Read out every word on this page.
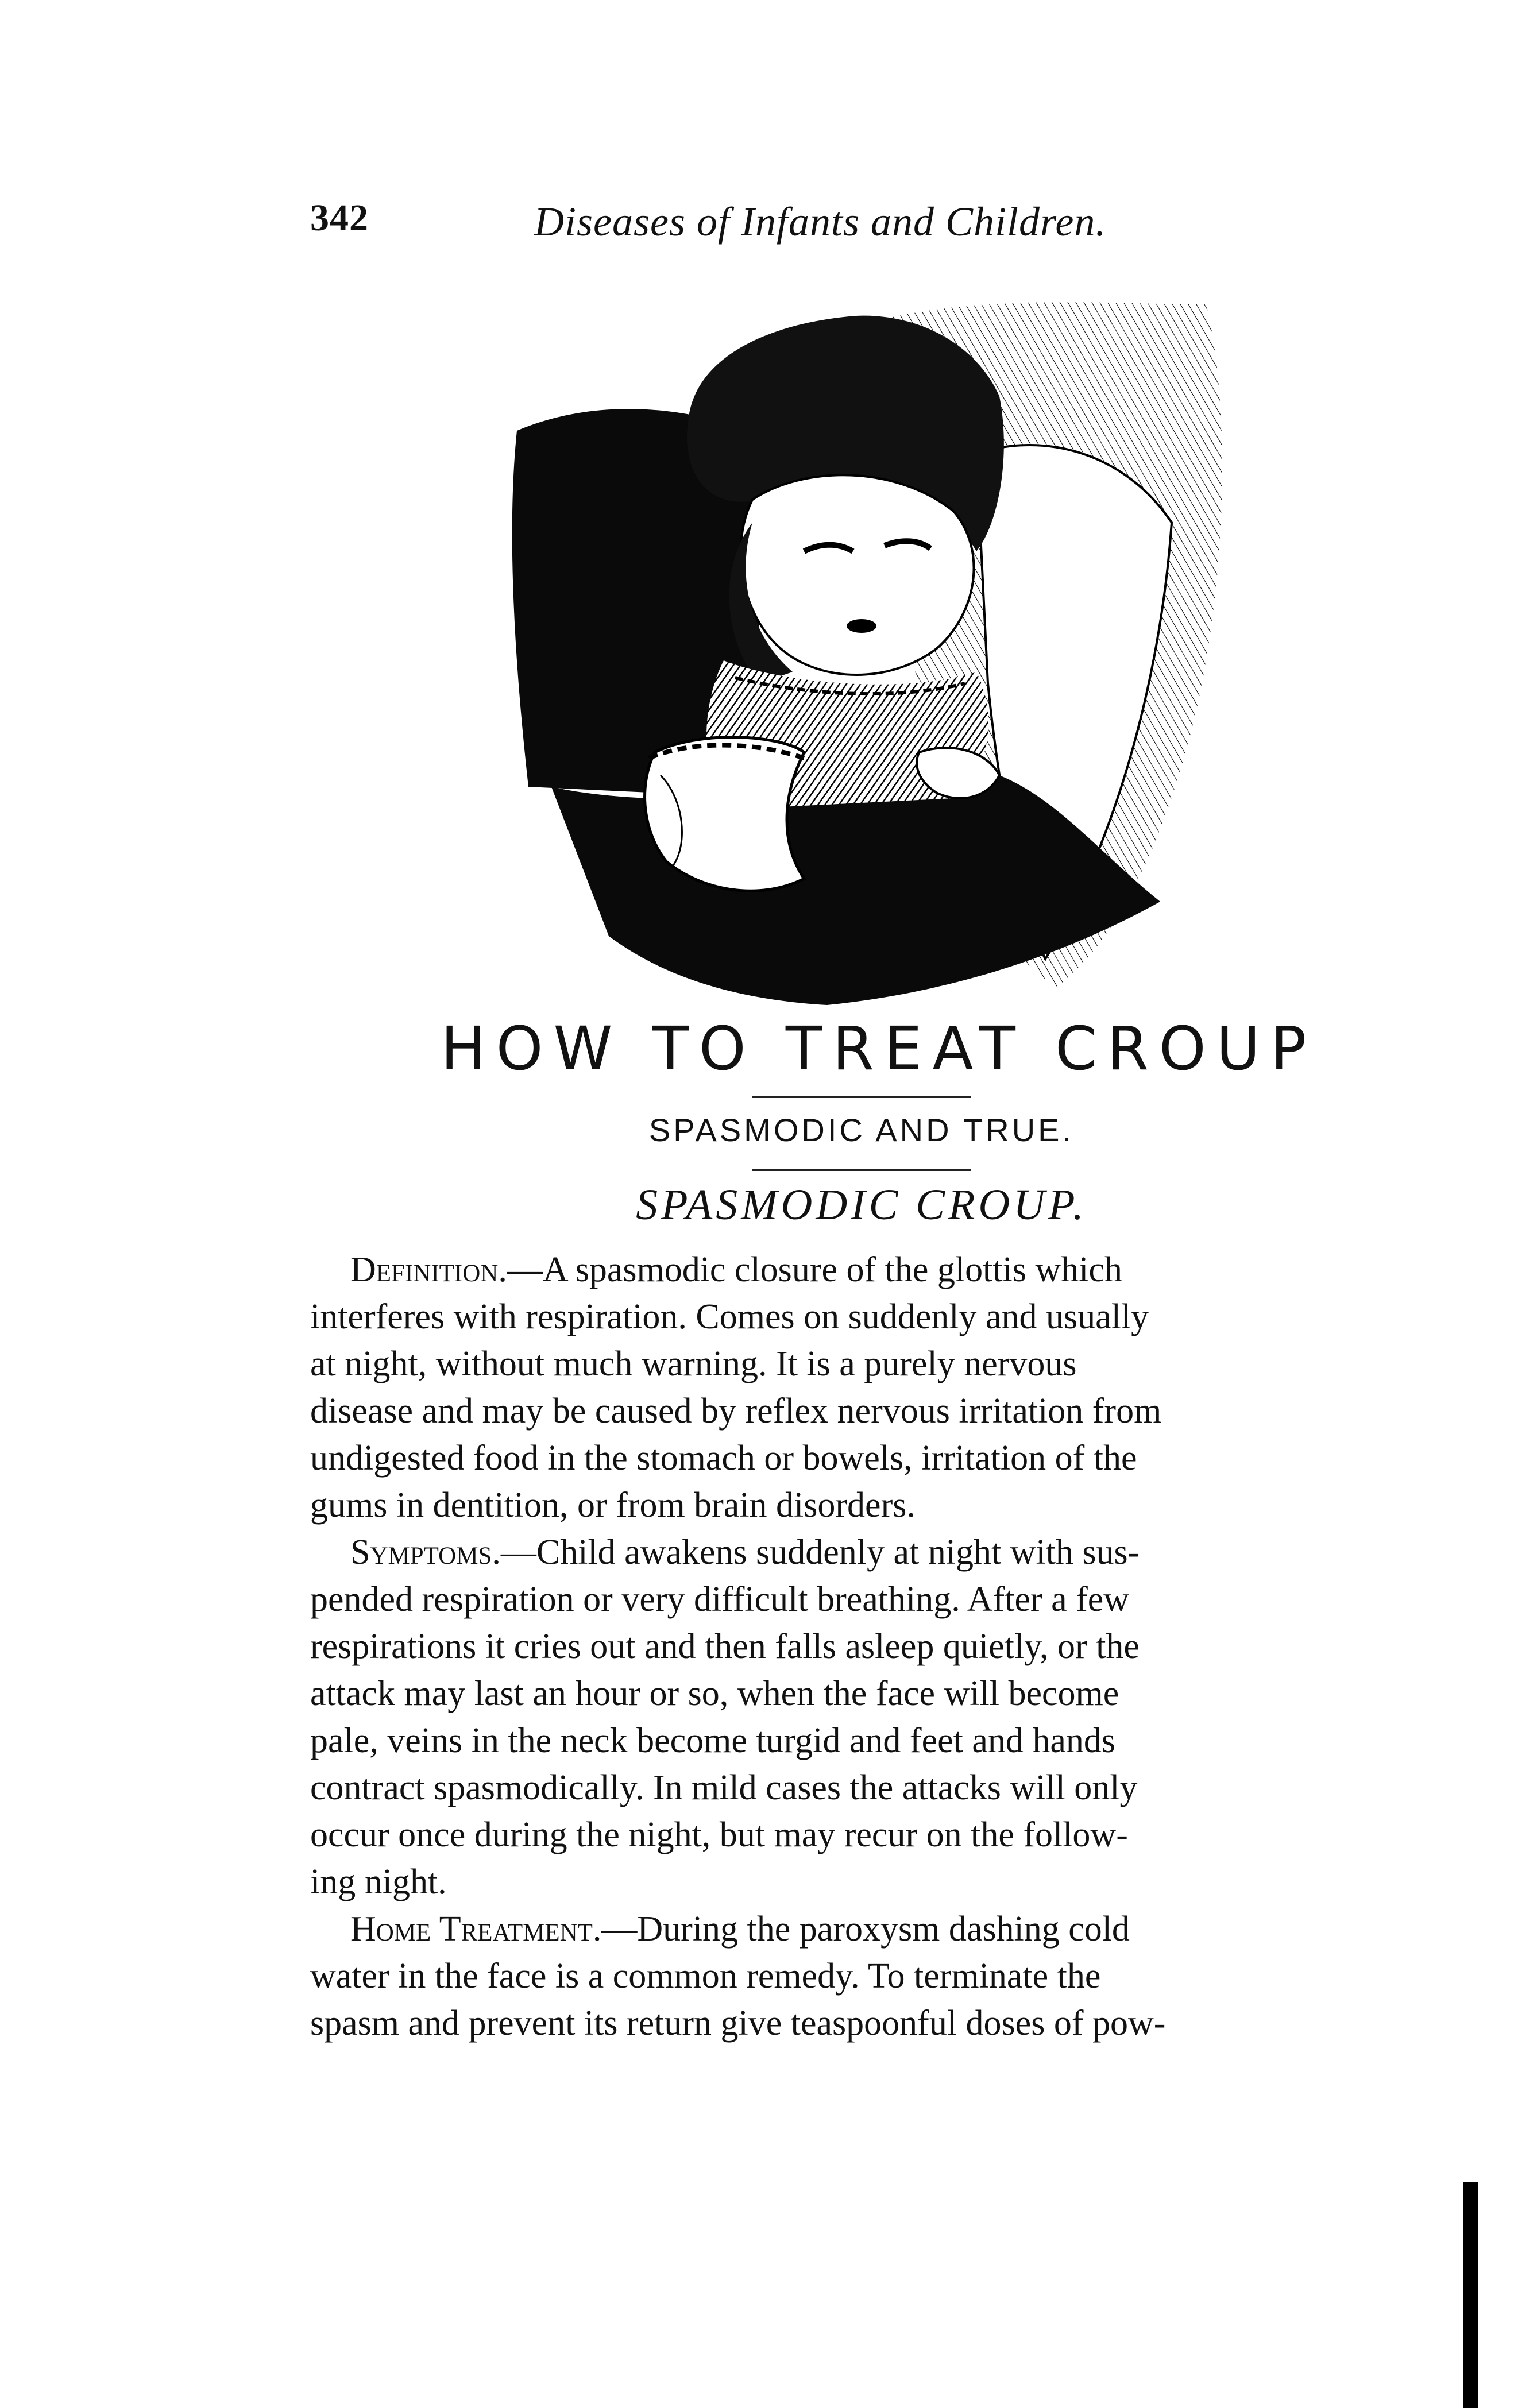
342	Diseases of Infants and Children.
HOW TO TREAT CROUP
SPASMODIC AND TRUE.
SPASMODIC CROUP.
Definition.—A spasmodic closure of the glottis which
interferes with respiration. Comes on suddenly and usually
at night, without much warning. It is a purely nervous
disease and may be caused by reflex nervous irritation from
undigested food in the stomach or bowels, irritation of the
gums in dentition, or from brain disorders.
Symptoms.—Child awakens suddenly at night with sus-
pended respiration or very difficult breathing. After a few
respirations it cries out and then falls asleep quietly, or the
attack may last an hour or so, when the face will become
pale, veins in the neck become turgid and feet and hands
contract spasmodically. In mild cases the attacks will only
occur once during the night, but may recur on the follow-
ing night.
Home Treatment.—During the paroxysm dashing cold
water in the face is a common remedy. To terminate the
spasm and prevent its return give teaspoonful doses of pow-
